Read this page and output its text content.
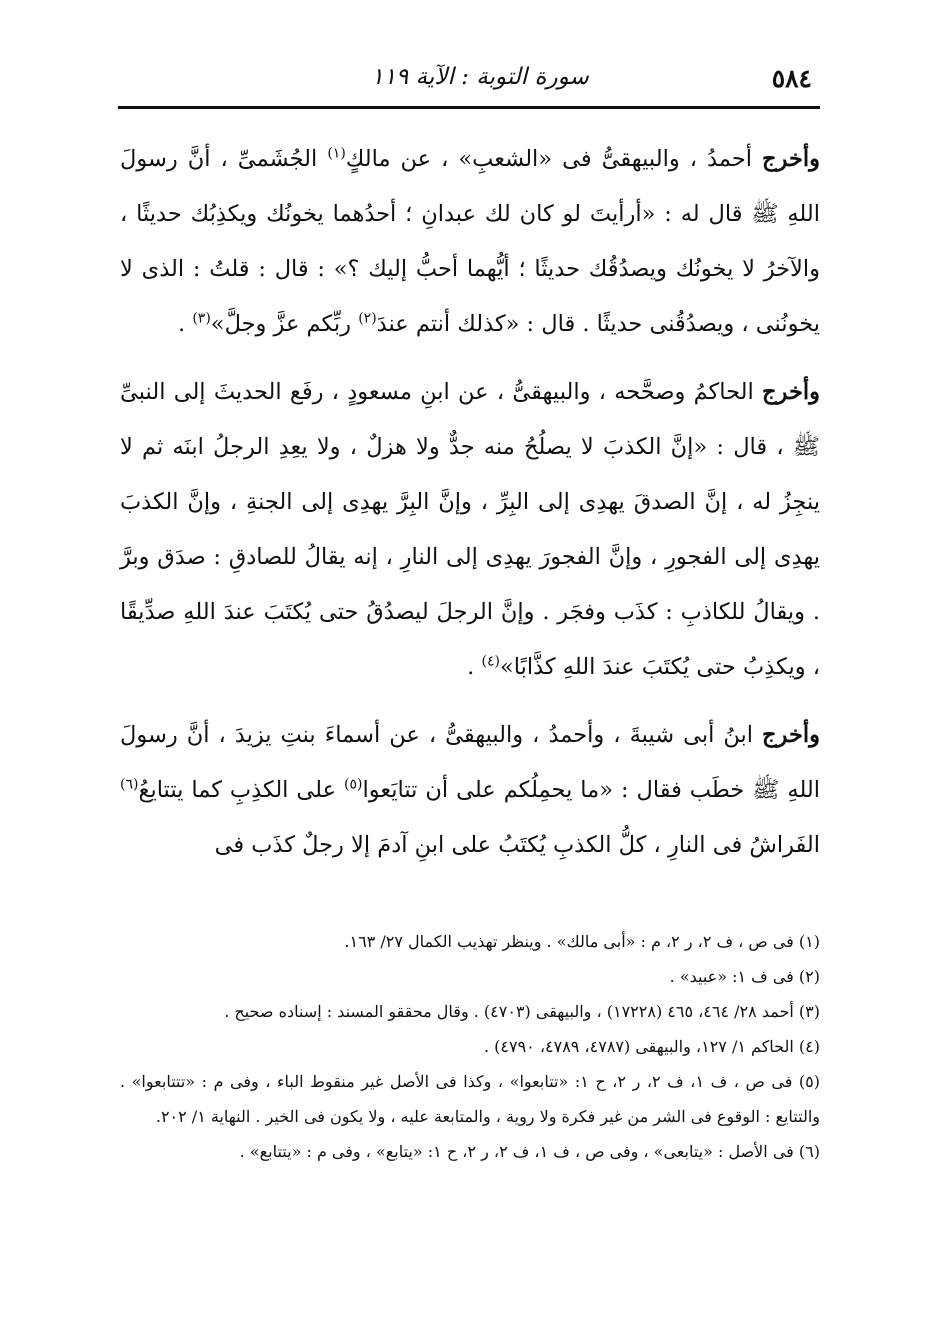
٥٨٤
سورة التوبة : الآية ١١٩

وأخرج أحمدُ ، والبيهقىُّ فى «الشعبِ» ، عن مالكٍ$^{(١)}$ الجُشَمىِّ ، أنَّ رسولَ اللهِ ﷺ قال له : «أرأيتَ لو كان لك عبدانِ ؛ أحدُهما يخونُك ويكذِبُك حديثًا ، والآخرُ لا يخونُك ويصدُقُك حديثًا ؛ أيُّهما أحبُّ إليك ؟» : قال : قلتُ : الذى لا يخونُنى ، ويصدُقُنى حديثًا . قال : «كذلك أنتم عندَ$^{(٢)}$ ربِّكم عزَّ وجلَّ»$^{(٣)}$ .

وأخرج الحاكمُ وصحَّحه ، والبيهقىُّ ، عن ابنِ مسعودٍ ، رفَع الحديثَ إلى النبىِّ ﷺ ، قال : «إنَّ الكذبَ لا يصلُحُ منه جدٌّ ولا هزلٌ ، ولا يعِدِ الرجلُ ابنَه ثم لا ينجِزُ له ، إنَّ الصدقَ يهدِى إلى البِرِّ ، وإنَّ البِرَّ يهدِى إلى الجنةِ ، وإنَّ الكذبَ يهدِى إلى الفجورِ ، وإنَّ الفجورَ يهدِى إلى النارِ ، إنه يقالُ للصادقِ : صدَق وبرَّ . ويقالُ للكاذبِ : كذَب وفجَر . وإنَّ الرجلَ ليصدُقُ حتى يُكتَبَ عندَ اللهِ صدِّيقًا ، ويكذِبُ حتى يُكتَبَ عندَ اللهِ كذَّابًا»$^{(٤)}$ .

وأخرج ابنُ أبى شيبةَ ، وأحمدُ ، والبيهقىُّ ، عن أسماءَ بنتِ يزيدَ ، أنَّ رسولَ اللهِ ﷺ خطَب فقال : «ما يحمِلُكم على أن تتايَعوا$^{(٥)}$ على الكذِبِ كما يتتايعُ$^{(٦)}$ الفَراشُ فى النارِ ، كلُّ الكذبِ يُكتَبُ على ابنِ آدمَ إلا رجلٌ كذَب فى

(١) فى ص ، ف ٢، ر ٢، م : «أبى مالك» . وينظر تهذيب الكمال ٢٧/ ١٦٣.

(٢) فى ف ١: «عبيد» .

(٣) أحمد ٢٨/ ٤٦٤، ٤٦٥ (١٧٢٢٨) ، والبيهقى (٤٧٠٣) . وقال محققو المسند : إسناده صحيح .

(٤) الحاكم ١/ ١٢٧، والبيهقى (٤٧٨٧، ٤٧٨٩، ٤٧٩٠) .

(٥) فى ص ، ف ١، ف ٢، ر ٢، ح ١: «تتابعوا» ، وكذا فى الأصل غير منقوط الباء ، وفى م : «تتتابعوا» . والتتايع : الوقوع فى الشر من غير فكرة ولا روية ، والمتابعة عليه ، ولا يكون فى الخير . النهاية ١/ ٢٠٢.

(٦) فى الأصل : «يتابعى» ، وفى ص ، ف ١، ف ٢، ر ٢، ح ١: «يتابع» ، وفى م : «يتتابع» .
